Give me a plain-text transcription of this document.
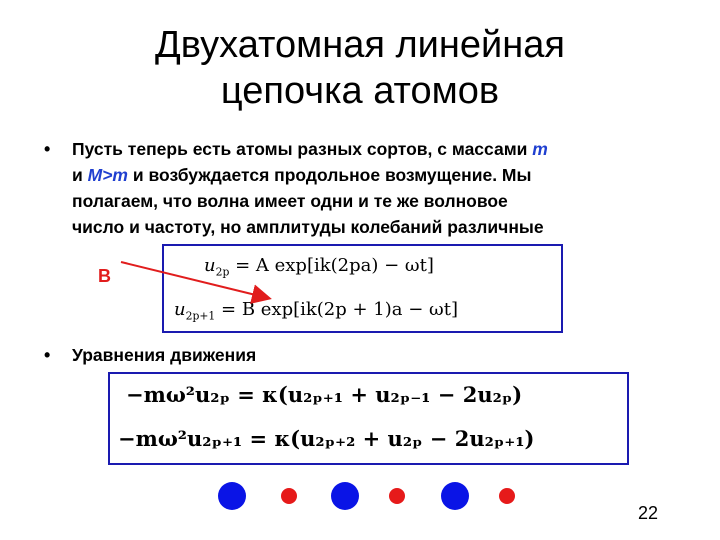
Двухатомная линейная
цепочка атомов
• Пусть теперь есть атомы разных сортов, с массами m
и M>m и возбуждается продольное возмущение. Мы
полагаем, что волна имеет одни и те же волновое
число и частоту, но амплитуды колебаний различные
B	$u_{2p} = A$ exp[ik(2pa) − ωt]
$u_{2p+1} = B$ exp[ik(2p + 1)a − ωt]
• Уравнения движения
−mω²u₂ₚ = κ(u₂ₚ₊₁ + u₂ₚ₋₁ − 2u₂ₚ)
−mω²u₂ₚ₊₁ = κ(u₂ₚ₊₂ + u₂ₚ − 2u₂ₚ₊₁)
22
